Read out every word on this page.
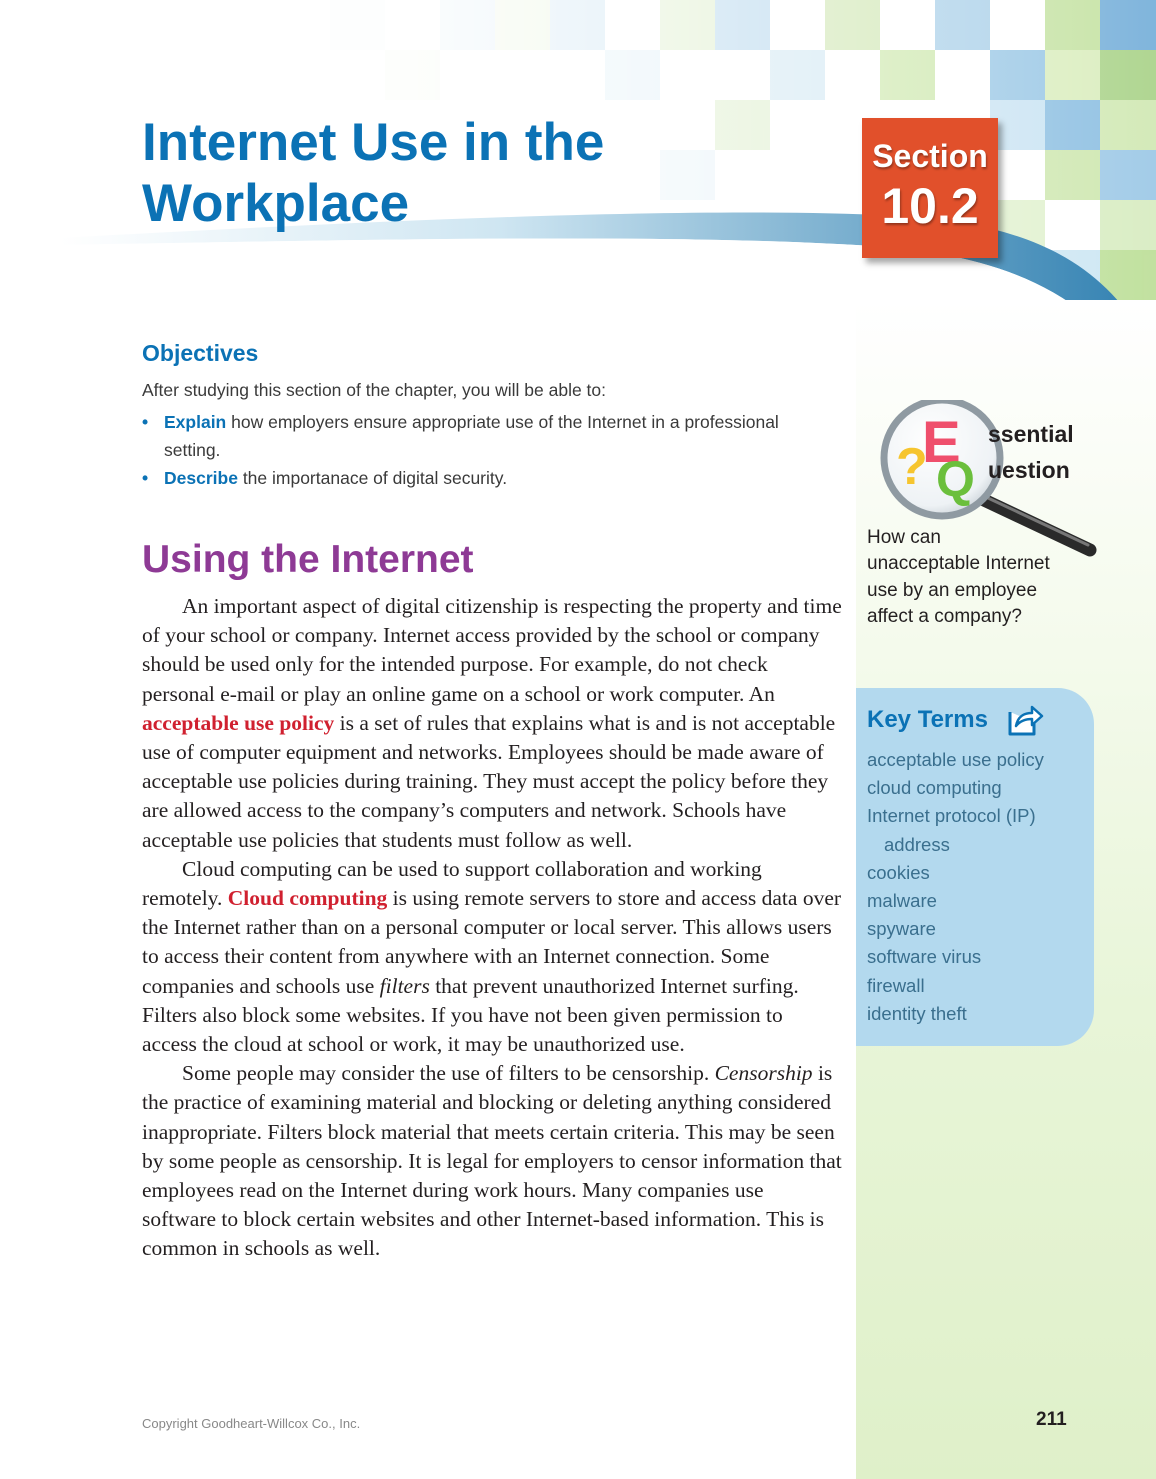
Internet Use in the
Workplace
Section
10.2
Objectives

After studying this section of the chapter, you will be able to:

• Explain how employers ensure appropriate use of the Internet in a professional
setting.
• Describe the importanace of digital security.
Using the Internet

An important aspect of digital citizenship is respecting the property and time of your school or company. Internet access provided by the school or company should be used only for the intended purpose. For example, do not check personal e-mail or play an online game on a school or work computer. An acceptable use policy is a set of rules that explains what is and is not acceptable use of computer equipment and networks. Employees should be made aware of acceptable use policies during training. They must accept the policy before they are allowed access to the company’s computers and network. Schools have acceptable use policies that students must follow as well.

Cloud computing can be used to support collaboration and working remotely. Cloud computing is using remote servers to store and access data over the Internet rather than on a personal computer or local server. This allows users to access their content from anywhere with an Internet connection. Some companies and schools use filters that prevent unauthorized Internet surfing. Filters also block some websites. If you have not been given permission to access the cloud at school or work, it may be unauthorized use.

Some people may consider the use of filters to be censorship. Censorship is the practice of examining material and blocking or deleting anything considered inappropriate. Filters block material that meets certain criteria. This may be seen by some people as censorship. It is legal for employers to censor information that employees read on the Internet during work hours. Many companies use software to block certain websites and other Internet-based information. This is common in schools as well.

?
E
Q
ssential
uestion

How can unacceptable Internet use by an employee affect a company?

Key Terms
acceptable use policy
cloud computing
Internet protocol (IP)
address
cookies
malware
spyware
software virus
firewall
identity theft

Copyright Goodheart-Willcox Co., Inc.	211
